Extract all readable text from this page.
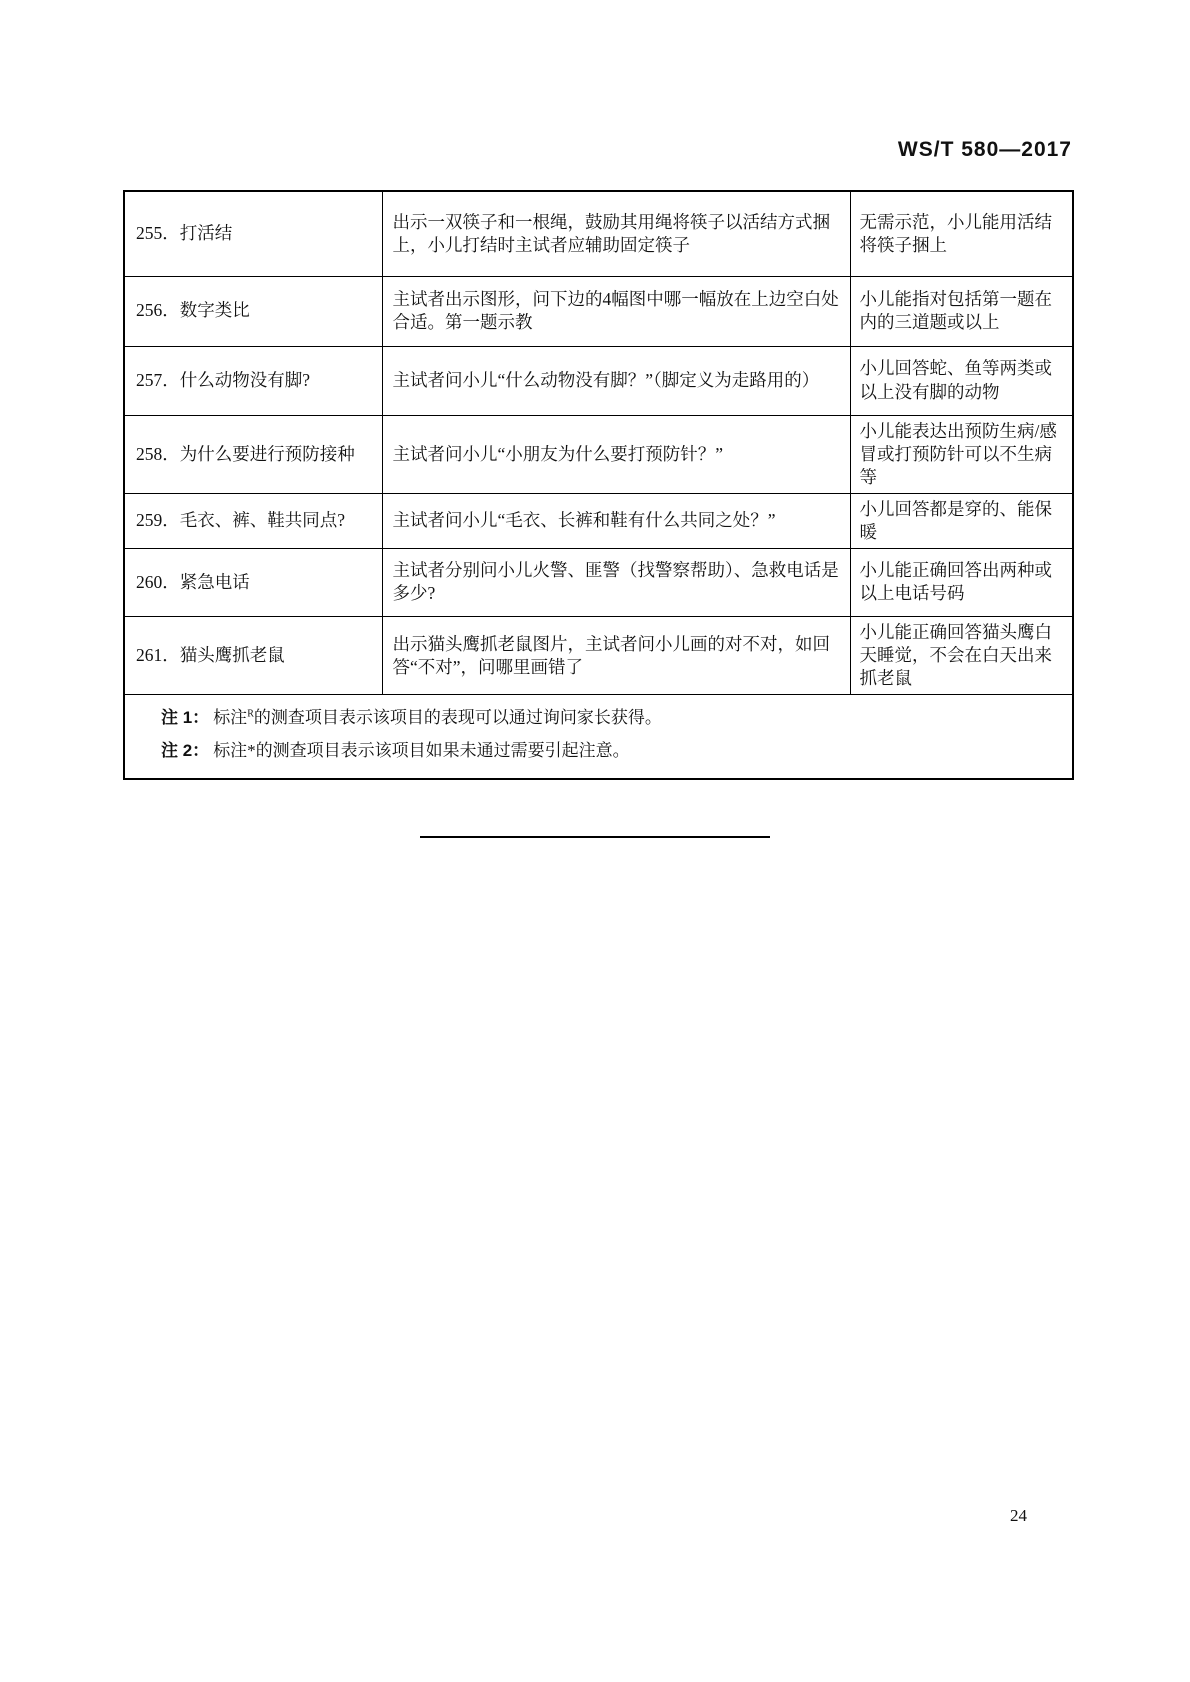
WS/T 580—2017
255．打活结	出示一双筷子和一根绳，鼓励其用绳将筷子以活结方式捆上，小儿打结时主试者应辅助固定筷子	无需示范，小儿能用活结将筷子捆上
256．数字类比	主试者出示图形，问下边的4幅图中哪一幅放在上边空白处合适。第一题示教	小儿能指对包括第一题在内的三道题或以上
257．什么动物没有脚?	主试者问小儿“什么动物没有脚？”（脚定义为走路用的）	小儿回答蛇、鱼等两类或以上没有脚的动物
258．为什么要进行预防接种	主试者问小儿“小朋友为什么要打预防针？”	小儿能表达出预防生病/感冒或打预防针可以不生病等
259．毛衣、裤、鞋共同点?	主试者问小儿“毛衣、长裤和鞋有什么共同之处？”	小儿回答都是穿的、能保暖
260．紧急电话	主试者分别问小儿火警、匪警（找警察帮助）、急救电话是多少?	小儿能正确回答出两种或以上电话号码
261．猫头鹰抓老鼠	出示猫头鹰抓老鼠图片，主试者问小儿画的对不对，如回答“不对”，问哪里画错了	小儿能正确回答猫头鹰白天睡觉，不会在白天出来抓老鼠

注 1： 标注$^R$的测查项目表示该项目的表现可以通过询问家长获得。

注 2： 标注*的测查项目表示该项目如果未通过需要引起注意。		

24
